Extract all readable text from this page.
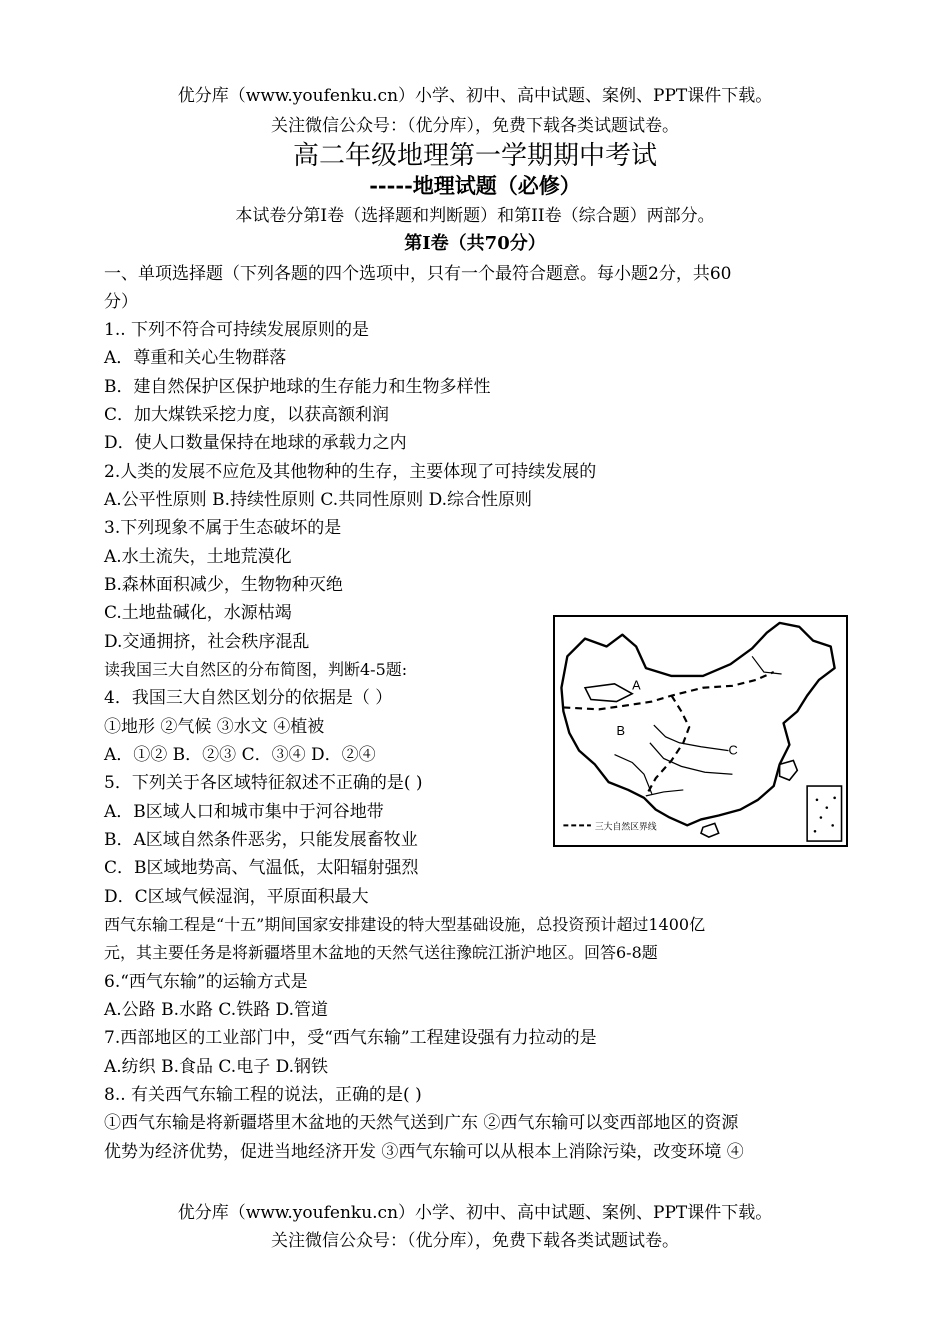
优分库（www.youfenku.cn）小学、初中、高中试题、案例、PPT课件下载。
关注微信公众号：（优分库），免费下载各类试题试卷。
高二年级地理第一学期期中考试
-----地理试题（必修）
本试卷分第I卷（选择题和判断题）和第II卷（综合题）两部分。
第I卷（共70分）
一、单项选择题（下列各题的四个选项中，只有一个最符合题意。每小题2分，共60
分）
1.. 下列不符合可持续发展原则的是
A．尊重和关心生物群落
B．建自然保护区保护地球的生存能力和生物多样性
C．加大煤铁采挖力度，以获高额利润
D．使人口数量保持在地球的承载力之内
2.人类的发展不应危及其他物种的生存，主要体现了可持续发展的
A.公平性原则 B.持续性原则 C.共同性原则 D.综合性原则
3.下列现象不属于生态破坏的是
A.水土流失，土地荒漠化
B.森林面积减少，生物物种灭绝
C.土地盐碱化，水源枯竭
D.交通拥挤，社会秩序混乱
读我国三大自然区的分布简图，判断4-5题:
4．我国三大自然区划分的依据是（ ）
①地形 ②气候 ③水文 ④植被
A．①② B．②③ C．③④ D．②④
5．下列关于各区域特征叙述不正确的是( )
A．B区域人口和城市集中于河谷地带
B．A区域自然条件恶劣，只能发展畜牧业
C．B区域地势高、气温低，太阳辐射强烈
D．C区域气候湿润，平原面积最大
西气东输工程是“十五”期间国家安排建设的特大型基础设施，总投资预计超过1400亿
元，其主要任务是将新疆塔里木盆地的天然气送往豫皖江浙沪地区。回答6-8题
6.“西气东输”的运输方式是
A.公路 B.水路 C.铁路 D.管道
7.西部地区的工业部门中，受“西气东输”工程建设强有力拉动的是
A.纺织 B.食品 C.电子 D.钢铁
8.. 有关西气东输工程的说法，正确的是( )
①西气东输是将新疆塔里木盆地的天然气送到广东 ②西气东输可以变西部地区的资源
优势为经济优势，促进当地经济开发 ③西气东输可以从根本上消除污染，改变环境 ④
A
B
C
三大自然区界线
优分库（www.youfenku.cn）小学、初中、高中试题、案例、PPT课件下载。
关注微信公众号：（优分库），免费下载各类试题试卷。
